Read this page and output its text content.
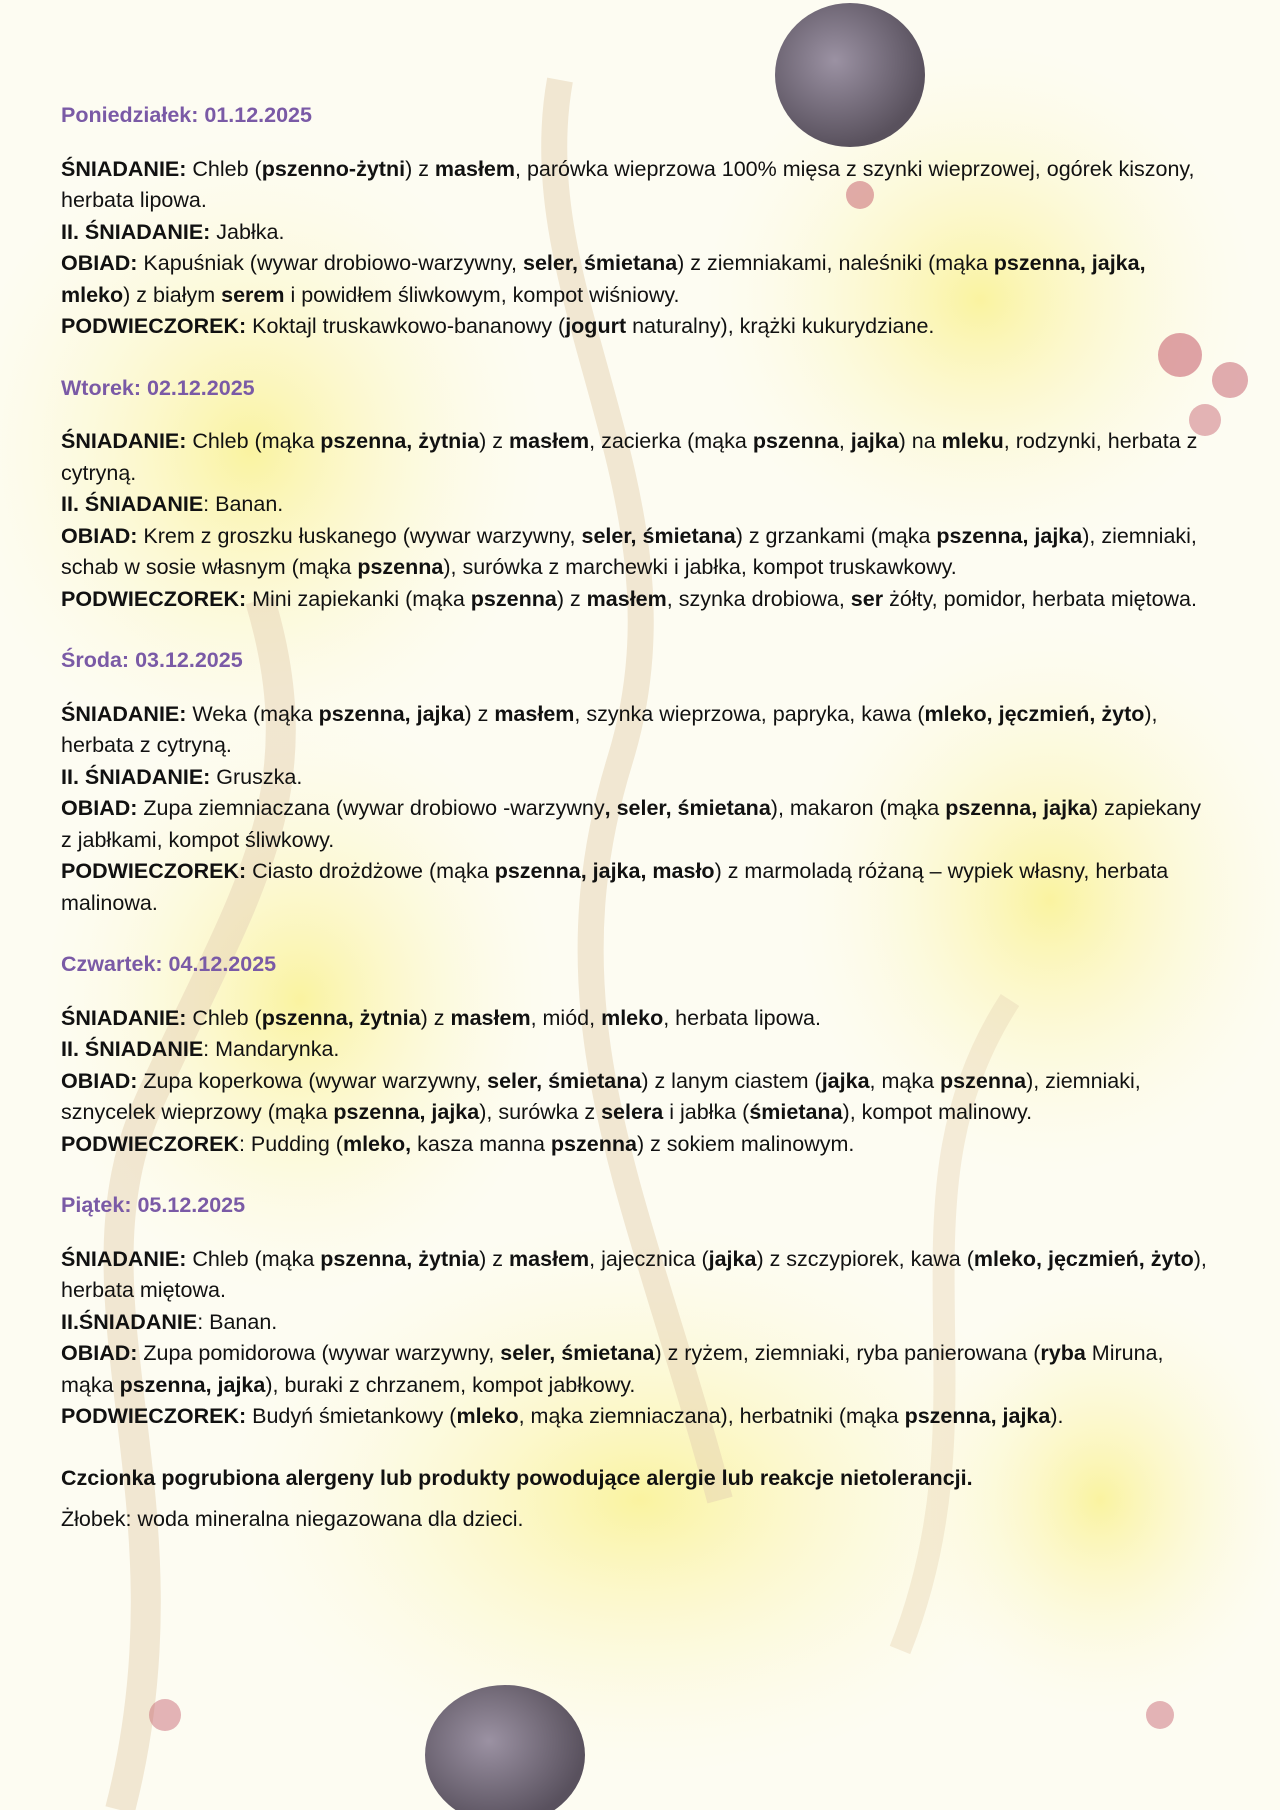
Poniedziałek: 01.12.2025
ŚNIADANIE: Chleb (pszenno-żytni) z masłem, parówka wieprzowa 100% mięsa z szynki wieprzowej, ogórek kiszony, herbata lipowa.
II. ŚNIADANIE: Jabłka.
OBIAD: Kapuśniak (wywar drobiowo-warzywny, seler, śmietana) z ziemniakami, naleśniki (mąka pszenna, jajka, mleko) z białym serem i powidłem śliwkowym, kompot wiśniowy.
PODWIECZOREK: Koktajl truskawkowo-bananowy (jogurt naturalny), krążki kukurydziane.
Wtorek: 02.12.2025
ŚNIADANIE: Chleb (mąka pszenna, żytnia) z masłem, zacierka (mąka pszenna, jajka) na mleku, rodzynki, herbata z cytryną.
II. ŚNIADANIE: Banan.
OBIAD: Krem z groszku łuskanego (wywar warzywny, seler, śmietana) z grzankami (mąka pszenna, jajka), ziemniaki, schab w sosie własnym (mąka pszenna), surówka z marchewki i jabłka, kompot truskawkowy.
PODWIECZOREK: Mini zapiekanki (mąka pszenna) z masłem, szynka drobiowa, ser żółty, pomidor, herbata miętowa.
Środa: 03.12.2025
ŚNIADANIE: Weka (mąka pszenna, jajka) z masłem, szynka wieprzowa, papryka, kawa (mleko, jęczmień, żyto), herbata z cytryną.
II. ŚNIADANIE: Gruszka.
OBIAD: Zupa ziemniaczana (wywar drobiowo -warzywny, seler, śmietana), makaron (mąka pszenna, jajka) zapiekany z jabłkami, kompot śliwkowy.
PODWIECZOREK: Ciasto drożdżowe (mąka pszenna, jajka, masło) z marmoladą różaną – wypiek własny, herbata malinowa.
Czwartek: 04.12.2025
ŚNIADANIE: Chleb (pszenna, żytnia) z masłem, miód, mleko, herbata lipowa.
II. ŚNIADANIE: Mandarynka.
OBIAD: Zupa koperkowa (wywar warzywny, seler, śmietana) z lanym ciastem (jajka, mąka pszenna), ziemniaki, sznycelek wieprzowy (mąka pszenna, jajka), surówka z selera i jabłka (śmietana), kompot malinowy.
PODWIECZOREK: Pudding (mleko, kasza manna pszenna) z sokiem malinowym.
Piątek: 05.12.2025
ŚNIADANIE: Chleb (mąka pszenna, żytnia) z masłem, jajecznica (jajka) z szczypiorek, kawa (mleko, jęczmień, żyto), herbata miętowa.
II.ŚNIADANIE: Banan.
OBIAD: Zupa pomidorowa (wywar warzywny, seler, śmietana) z ryżem, ziemniaki, ryba panierowana (ryba Miruna, mąka pszenna, jajka), buraki z chrzanem, kompot jabłkowy.
PODWIECZOREK: Budyń śmietankowy (mleko, mąka ziemniaczana), herbatniki (mąka pszenna, jajka).
Czcionka pogrubiona alergeny lub produkty powodujące alergie lub reakcje nietolerancji.
Żłobek: woda mineralna niegazowana dla dzieci.
